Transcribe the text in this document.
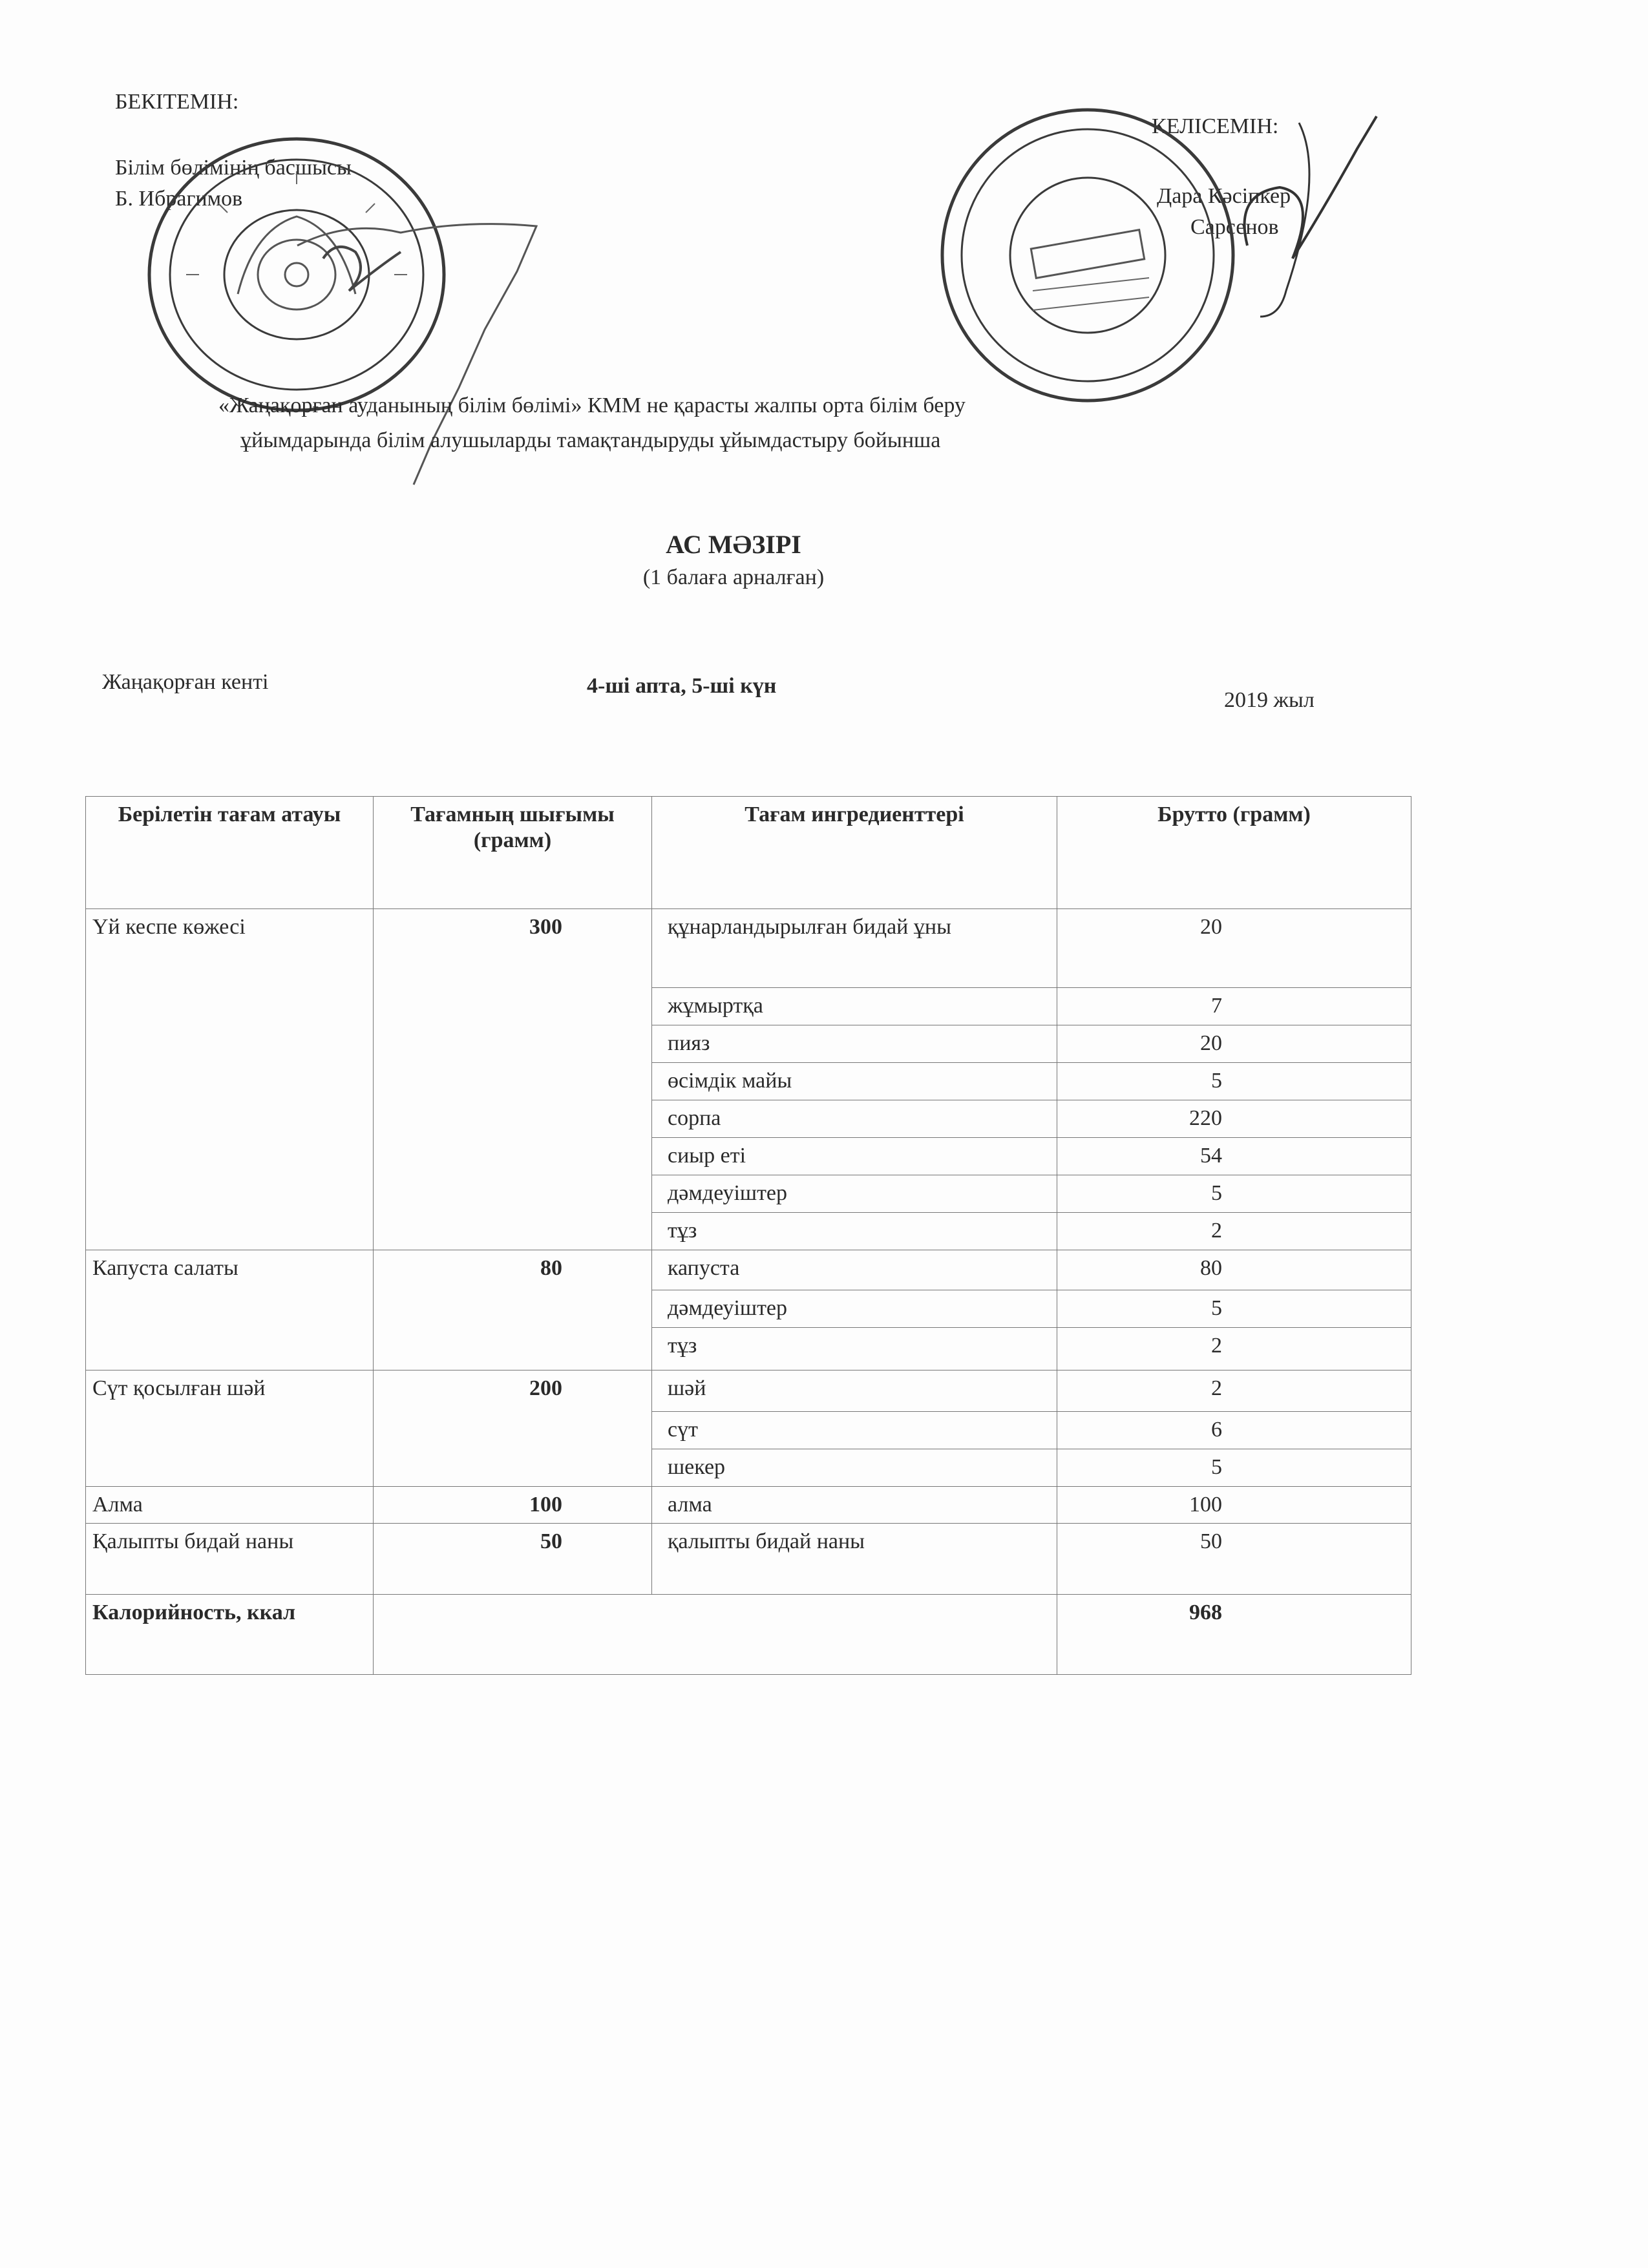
БЕКІТЕМІН:
Білім бөлімінің басшысы
Б. Ибрагимов
КЕЛІСЕМІН:
Дара Кәсіпкер
Сарсенов
«Жаңақорған ауданының білім бөлімі» КММ не қарасты жалпы орта білім беру
ұйымдарында білім алушыларды тамақтандыруды ұйымдастыру бойынша
АС МӘЗІРІ
(1 балаға арналған)
Жаңақорған кенті	4-ші апта, 5-ші күн
2019 жыл
Берілетін тағам атауы	Тағамның шығымы (грамм)	Тағам ингредиенттері	Брутто (грамм)
Үй кеспе көжесі	300	құнарландырылған бидай ұны	20
		жұмыртқа	7
		пияз	20
		өсімдік майы	5
		сорпа	220
		сиыр еті	54
		дәмдеуіштер	5
		тұз	2
Капуста салаты	80	капуста	80
		дәмдеуіштер	5
		тұз	2
Сүт қосылған шәй	200	шәй	2
		сүт	6
		шекер	5
Алма	100	алма	100
Қалыпты бидай наны	50	қалыпты бидай наны	50
Калорийность, ккал			968
